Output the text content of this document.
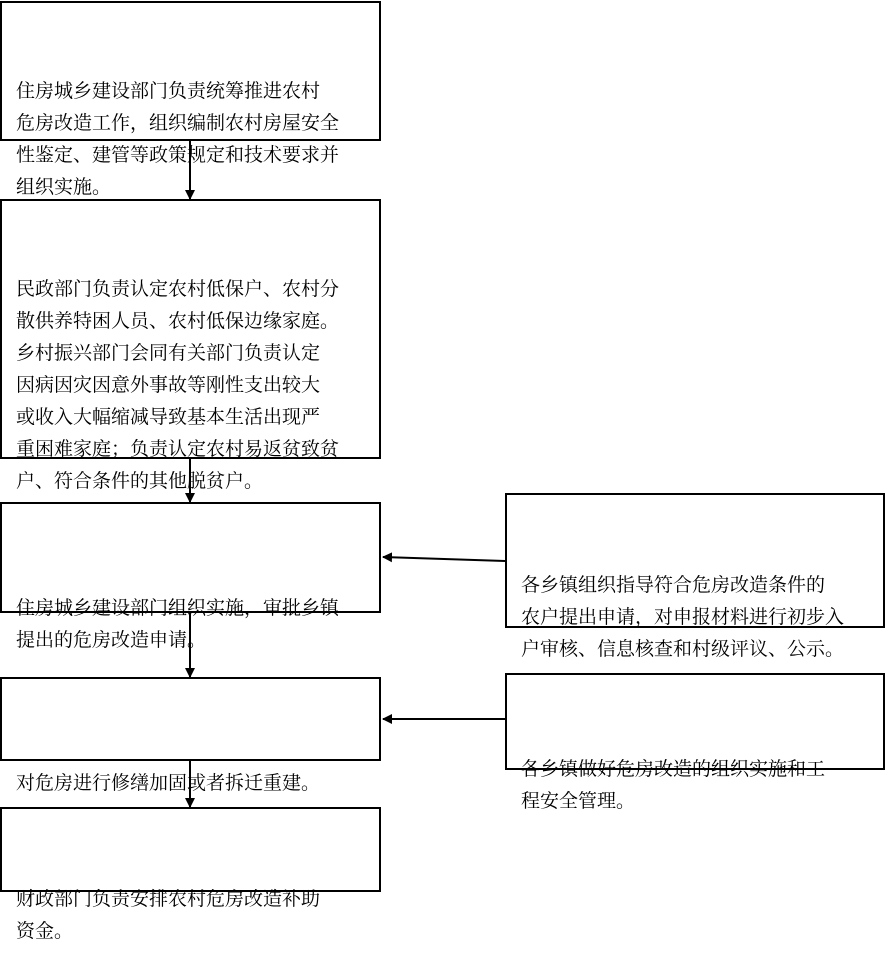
住房城乡建设部门负责统筹推进农村
危房改造工作，组织编制农村房屋安全
性鉴定、建管等政策规定和技术要求并
组织实施。

民政部门负责认定农村低保户、农村分
散供养特困人员、农村低保边缘家庭。
乡村振兴部门会同有关部门负责认定
因病因灾因意外事故等刚性支出较大
或收入大幅缩减导致基本生活出现严
重困难家庭；负责认定农村易返贫致贫
户、符合条件的其他脱贫户。

住房城乡建设部门组织实施，审批乡镇
提出的危房改造申请。

对危房进行修缮加固或者拆迁重建。

财政部门负责安排农村危房改造补助
资金。

各乡镇组织指导符合危房改造条件的
农户提出申请，对申报材料进行初步入
户审核、信息核查和村级评议、公示。

各乡镇做好危房改造的组织实施和工
程安全管理。
